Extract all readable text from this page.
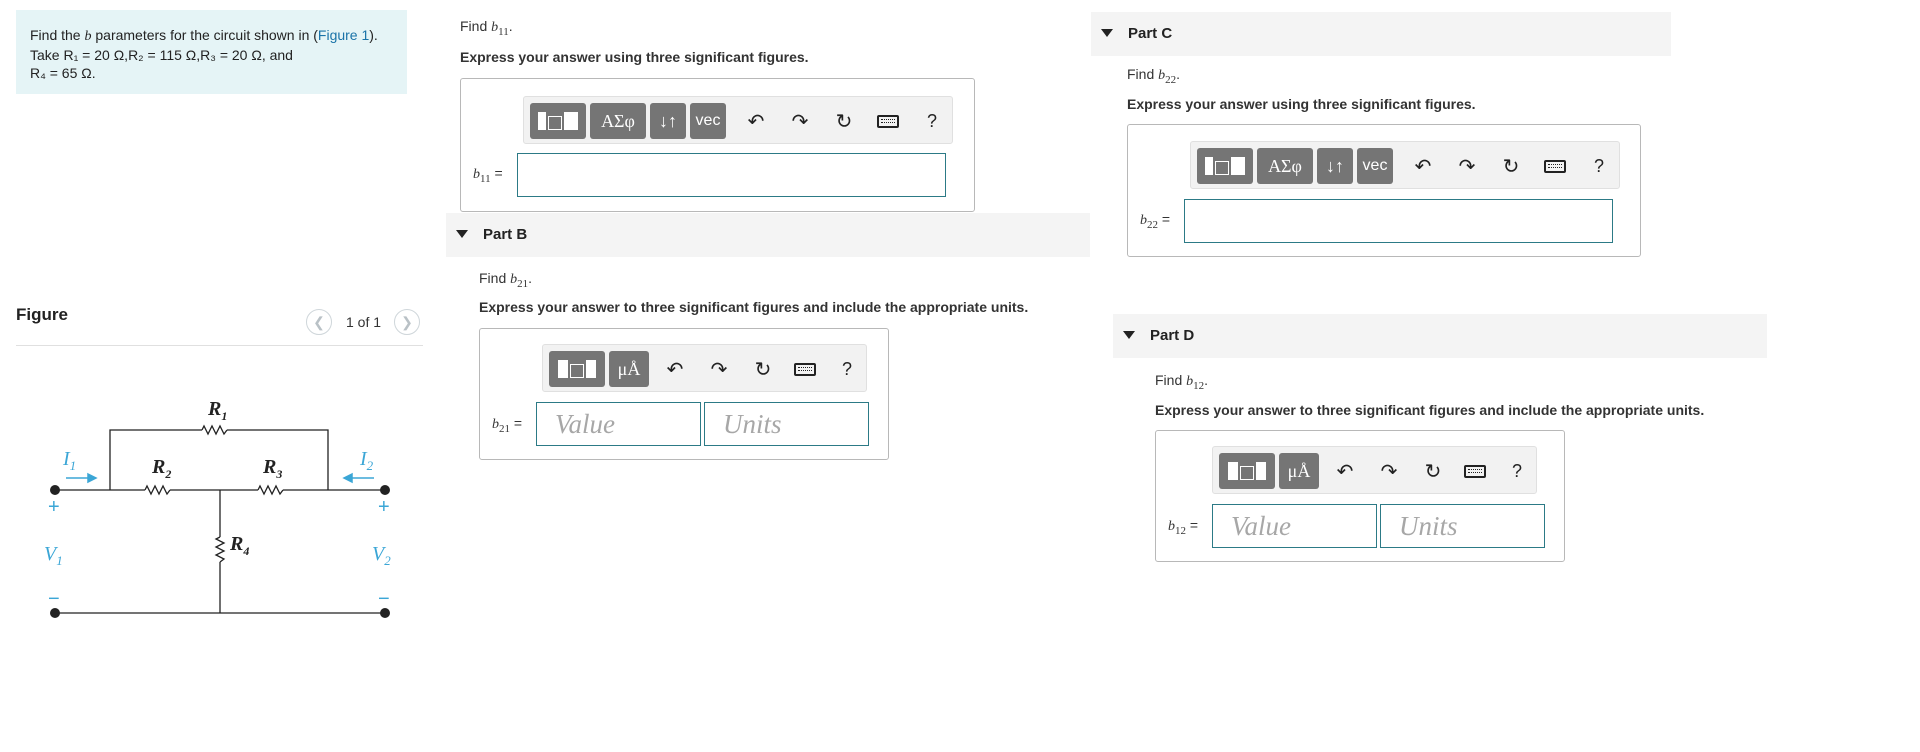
Find the b parameters for the circuit shown in (Figure 1).
Take R₁ = 20 Ω,R₂ = 115 Ω,R₃ = 20 Ω, and
R₄ = 65 Ω.
Figure	❮ 1 of 1 ❯
$R_1$
$R_2$	$R_3$
$R_4$
$I_1$	$I_2$
$V_1$	$V_2$
+	+
−	−
Find $b_{11}$.
Express your answer using three significant figures.
ΑΣφ	↓↑	vec ↶ ↷ ↻	?
$b_{11}$ =
Part B
Find $b_{21}$.
Express your answer to three significant figures and include the appropriate units.
μÅ	↶ ↷ ↻	?
$b_{21}$ =	Value	Units
Part C
Find $b_{22}$.
Express your answer using three significant figures.
ΑΣφ	↓↑	vec ↶ ↷ ↻	?
$b_{22}$ =
Part D
Find $b_{12}$.
Express your answer to three significant figures and include the appropriate units.
μÅ	↶ ↷ ↻	?
$b_{12}$ =	Value	Units
